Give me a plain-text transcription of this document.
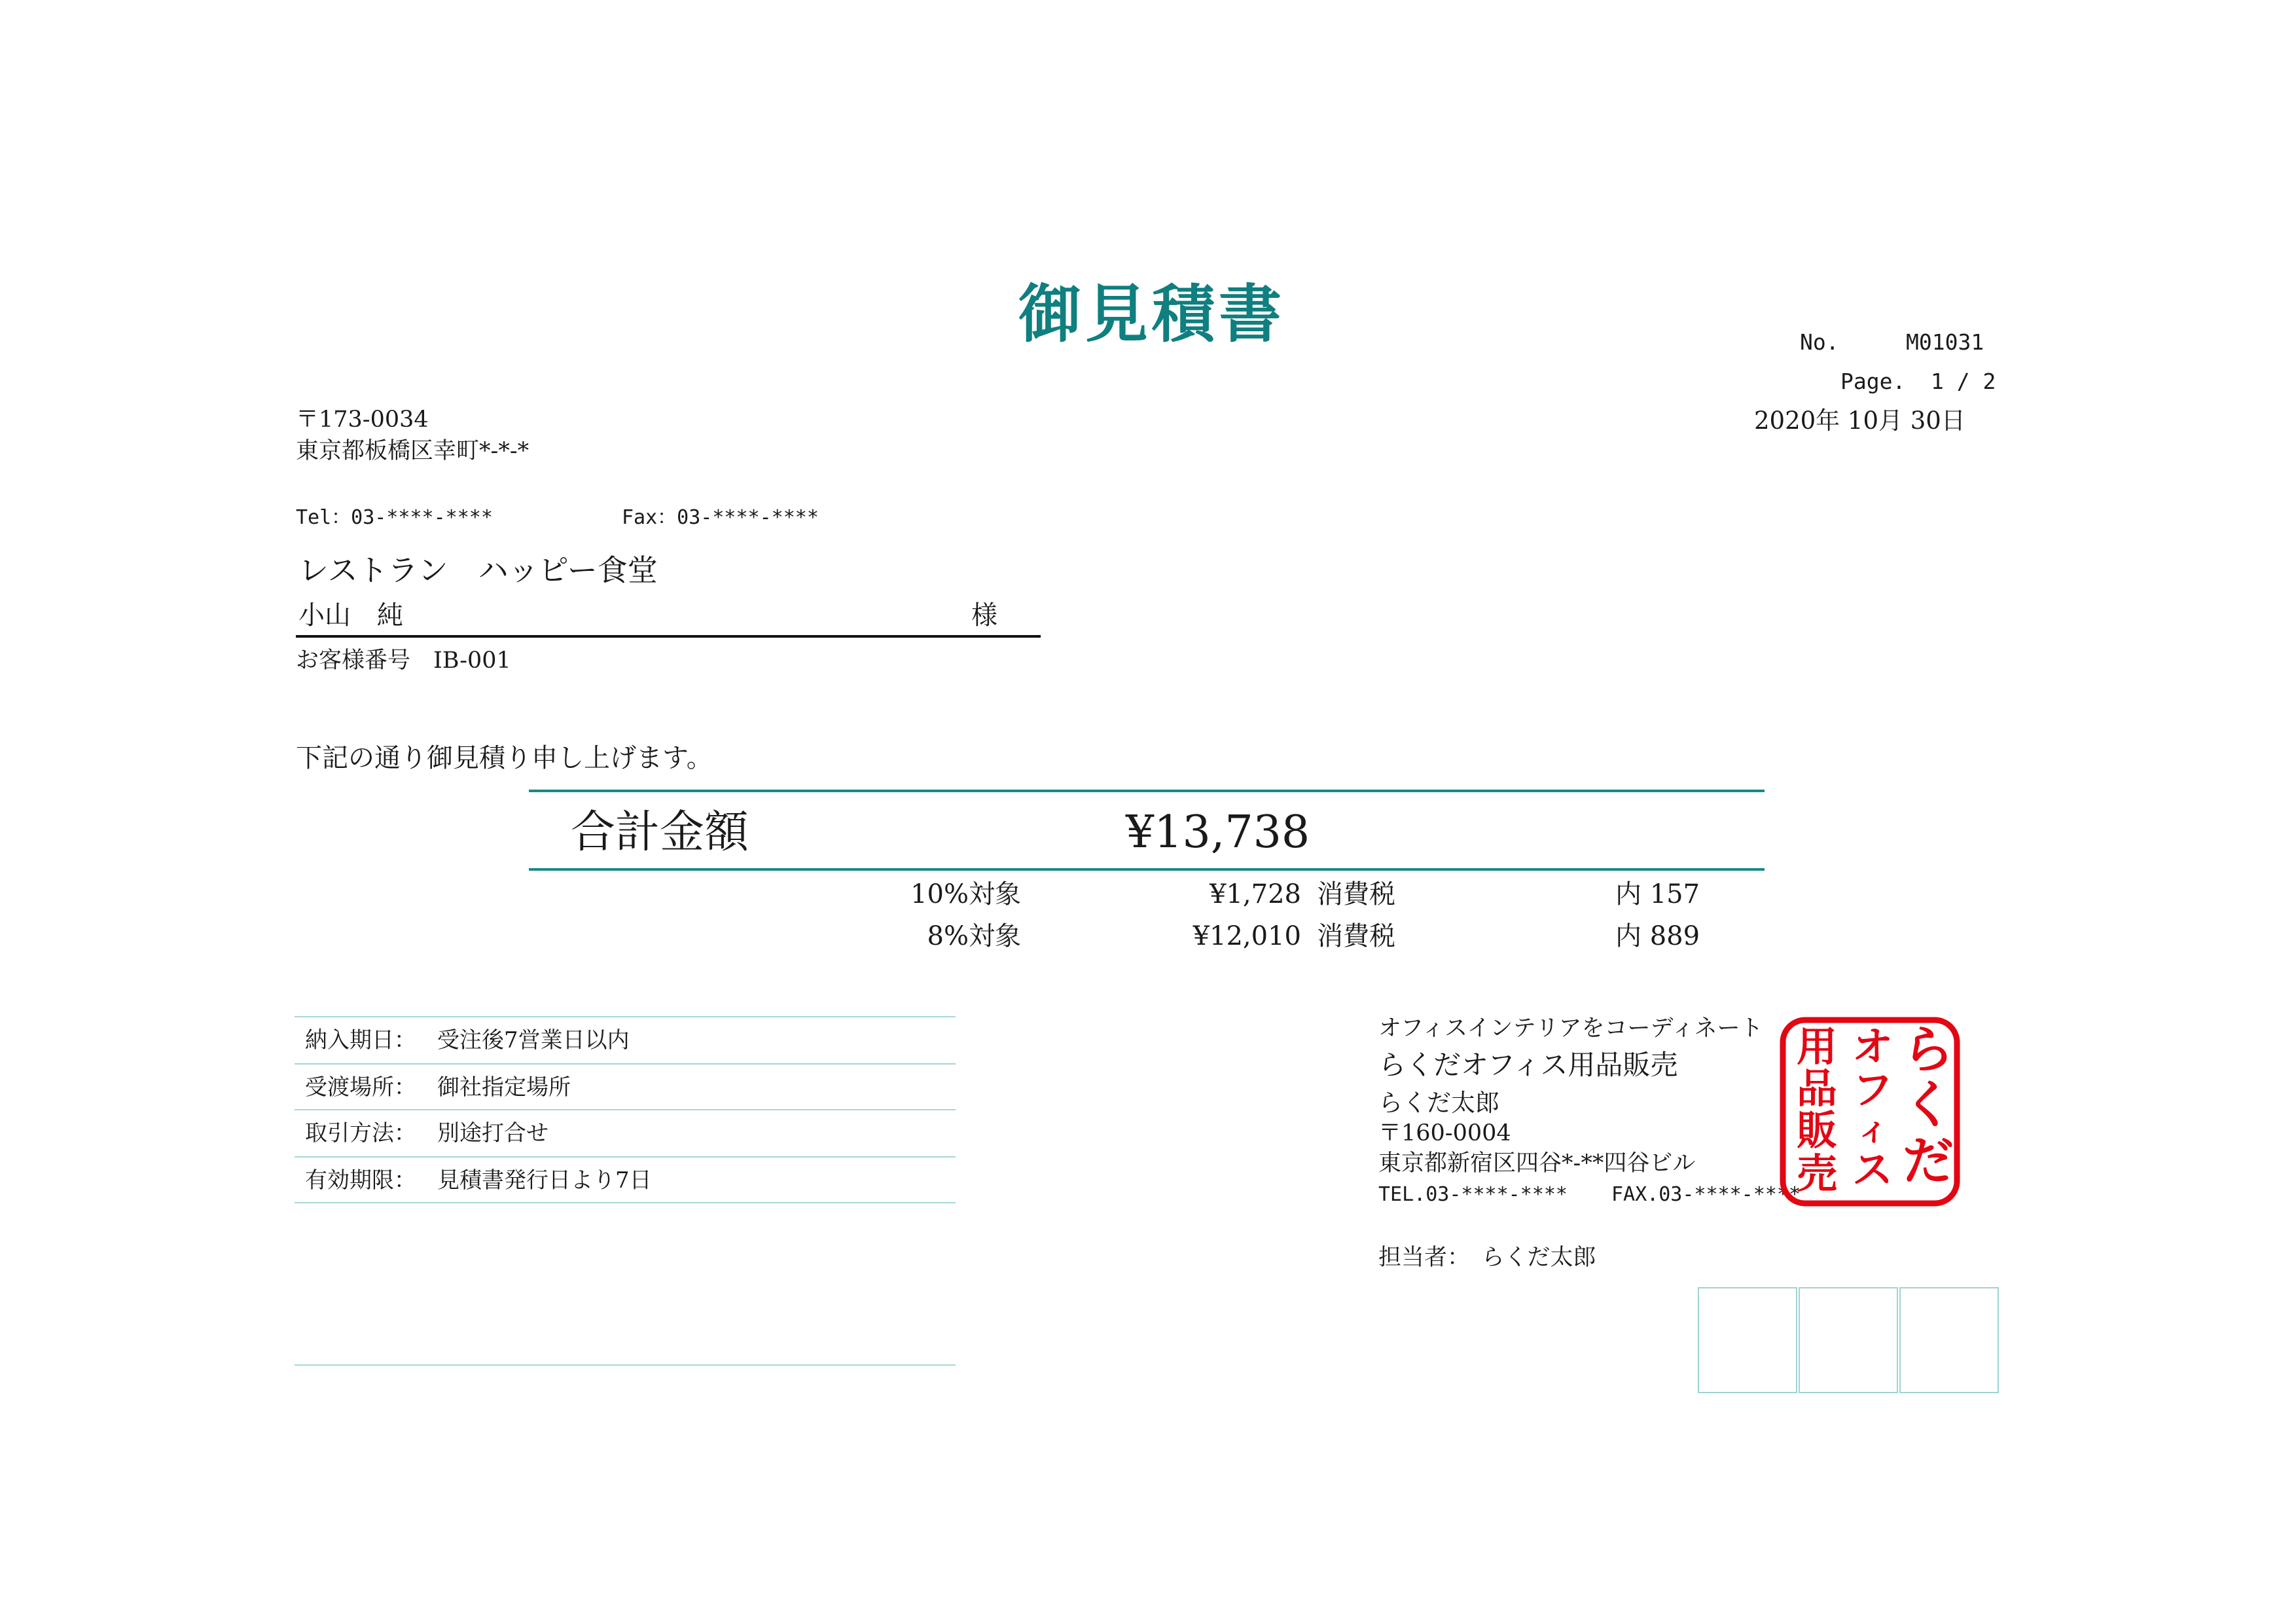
御見積書	No.	M01031
Page. 1 / 2
2020年 10月 30日
〒173-0034
東京都板橋区幸町*-*-*
Tel：03-****-****	Fax：03-****-****
レストラン　ハッピー食堂
小山　純	様
お客様番号　IB-001
下記の通り御見積り申し上げます。
合計金額	¥13,738
10%対象	¥1,728 消費税	内 157
8%対象	¥12,010 消費税	内 889
納入期日： 受注後7営業日以内
受渡場所： 御社指定場所
取引方法： 別途打合せ
有効期限： 見積書発行日より7日
オフィスインテリアをコーディネート
らくだオフィス用品販売
らくだ太郎
〒160-0004
東京都新宿区四谷*-**四谷ビル
TEL.03-****-**** FAX.03-****-****
担当者：　らくだ太郎
ら
く
だ
オ
フ
ィ
ス
用
品
販
売
